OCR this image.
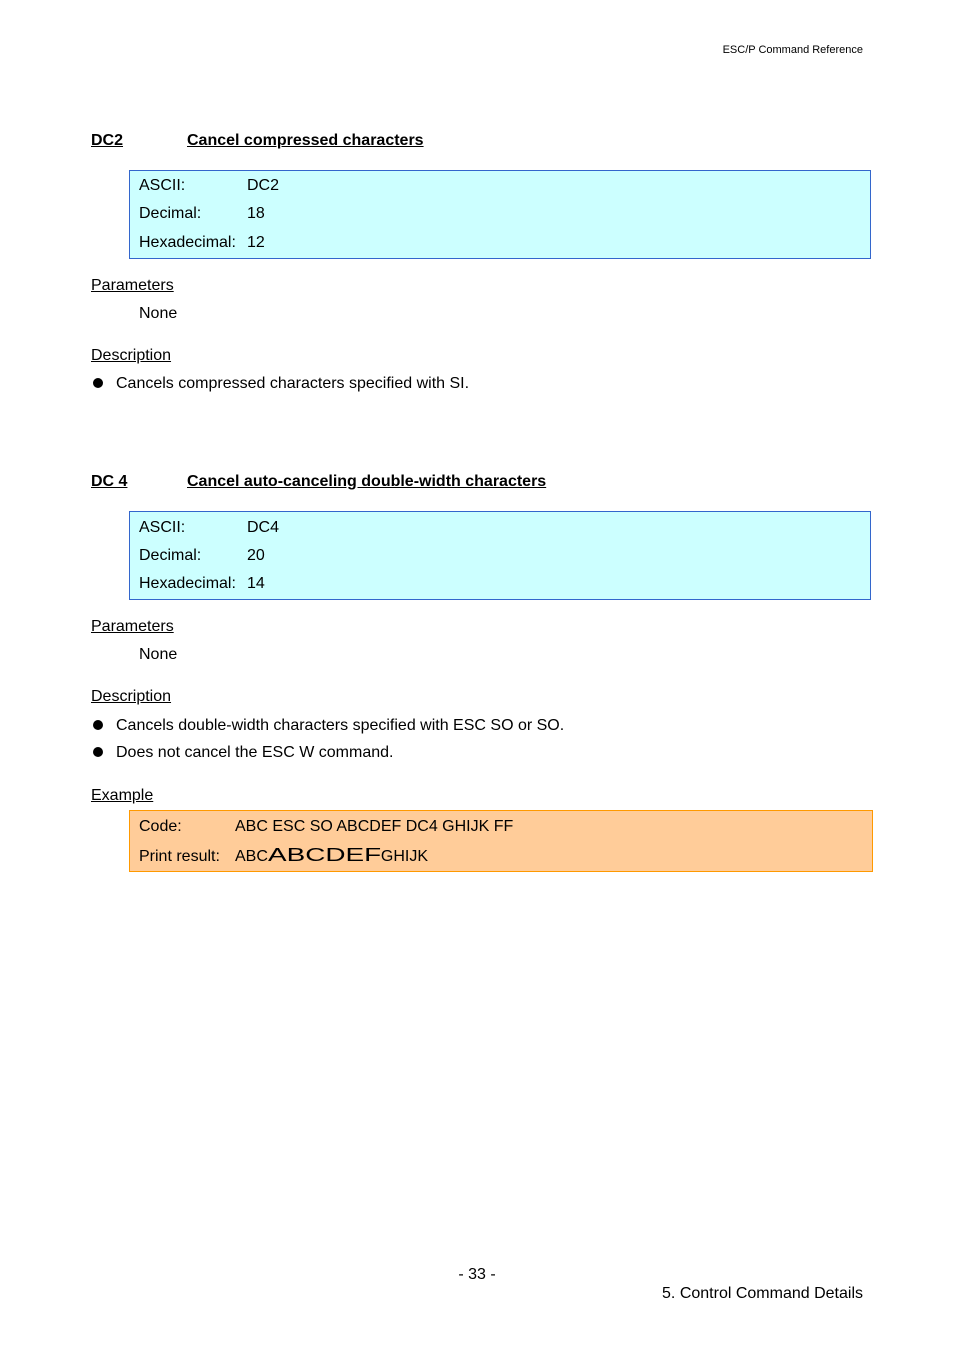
ESC/P Command Reference
DC2	Cancel compressed characters
ASCII:	DC2
Decimal:	18
Hexadecimal: 12
Parameters
None
Description
Cancels compressed characters specified with SI.
DC 4	Cancel auto-canceling double-width characters
ASCII:	DC4
Decimal:	20
Hexadecimal: 14
Parameters
None
Description
Cancels double-width characters specified with ESC SO or SO.
Does not cancel the ESC W command.
Example
Code:	ABC ESC SO ABCDEF DC4 GHIJK FF
Print result: ABCABCDEFGHIJK
- 33 -
5. Control Command Details
